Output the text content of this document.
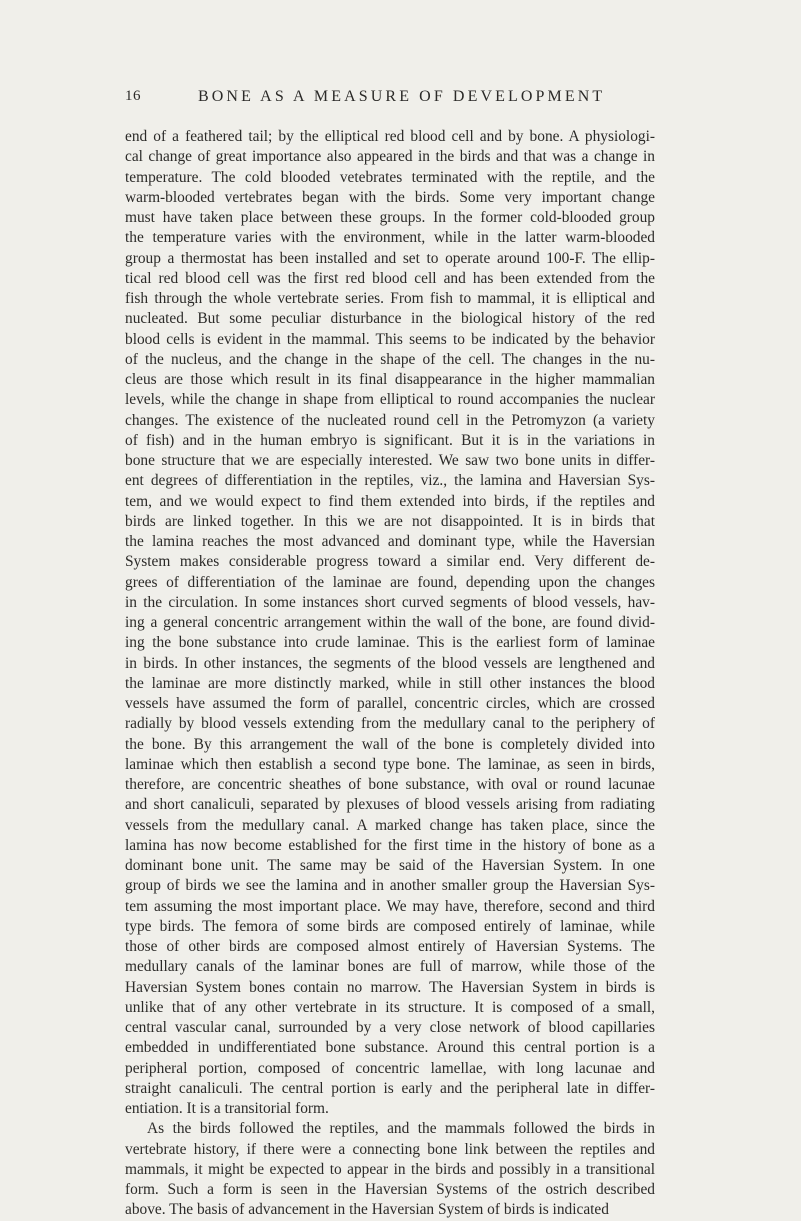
16	BONE AS A MEASURE OF DEVELOPMENT
end of a feathered tail; by the elliptical red blood cell and by bone. A physiologi-
cal change of great importance also appeared in the birds and that was a change in
temperature. The cold blooded vetebrates terminated with the reptile, and the
warm-blooded vertebrates began with the birds. Some very important change
must have taken place between these groups. In the former cold-blooded group
the temperature varies with the environment, while in the latter warm-blooded
group a thermostat has been installed and set to operate around 100-F. The ellip-
tical red blood cell was the first red blood cell and has been extended from the
fish through the whole vertebrate series. From fish to mammal, it is elliptical and
nucleated. But some peculiar disturbance in the biological history of the red
blood cells is evident in the mammal. This seems to be indicated by the behavior
of the nucleus, and the change in the shape of the cell. The changes in the nu-
cleus are those which result in its final disappearance in the higher mammalian
levels, while the change in shape from elliptical to round accompanies the nuclear
changes. The existence of the nucleated round cell in the Petromyzon (a variety
of fish) and in the human embryo is significant. But it is in the variations in
bone structure that we are especially interested. We saw two bone units in differ-
ent degrees of differentiation in the reptiles, viz., the lamina and Haversian Sys-
tem, and we would expect to find them extended into birds, if the reptiles and
birds are linked together. In this we are not disappointed. It is in birds that
the lamina reaches the most advanced and dominant type, while the Haversian
System makes considerable progress toward a similar end. Very different de-
grees of differentiation of the laminae are found, depending upon the changes
in the circulation. In some instances short curved segments of blood vessels, hav-
ing a general concentric arrangement within the wall of the bone, are found divid-
ing the bone substance into crude laminae. This is the earliest form of laminae
in birds. In other instances, the segments of the blood vessels are lengthened and
the laminae are more distinctly marked, while in still other instances the blood
vessels have assumed the form of parallel, concentric circles, which are crossed
radially by blood vessels extending from the medullary canal to the periphery of
the bone. By this arrangement the wall of the bone is completely divided into
laminae which then establish a second type bone. The laminae, as seen in birds,
therefore, are concentric sheathes of bone substance, with oval or round lacunae
and short canaliculi, separated by plexuses of blood vessels arising from radiating
vessels from the medullary canal. A marked change has taken place, since the
lamina has now become established for the first time in the history of bone as a
dominant bone unit. The same may be said of the Haversian System. In one
group of birds we see the lamina and in another smaller group the Haversian Sys-
tem assuming the most important place. We may have, therefore, second and third
type birds. The femora of some birds are composed entirely of laminae, while
those of other birds are composed almost entirely of Haversian Systems. The
medullary canals of the laminar bones are full of marrow, while those of the
Haversian System bones contain no marrow. The Haversian System in birds is
unlike that of any other vertebrate in its structure. It is composed of a small,
central vascular canal, surrounded by a very close network of blood capillaries
embedded in undifferentiated bone substance. Around this central portion is a
peripheral portion, composed of concentric lamellae, with long lacunae and
straight canaliculi. The central portion is early and the peripheral late in differ-
entiation. It is a transitorial form.
As the birds followed the reptiles, and the mammals followed the birds in
vertebrate history, if there were a connecting bone link between the reptiles and
mammals, it might be expected to appear in the birds and possibly in a transitional
form. Such a form is seen in the Haversian Systems of the ostrich described
above. The basis of advancement in the Haversian System of birds is indicated
